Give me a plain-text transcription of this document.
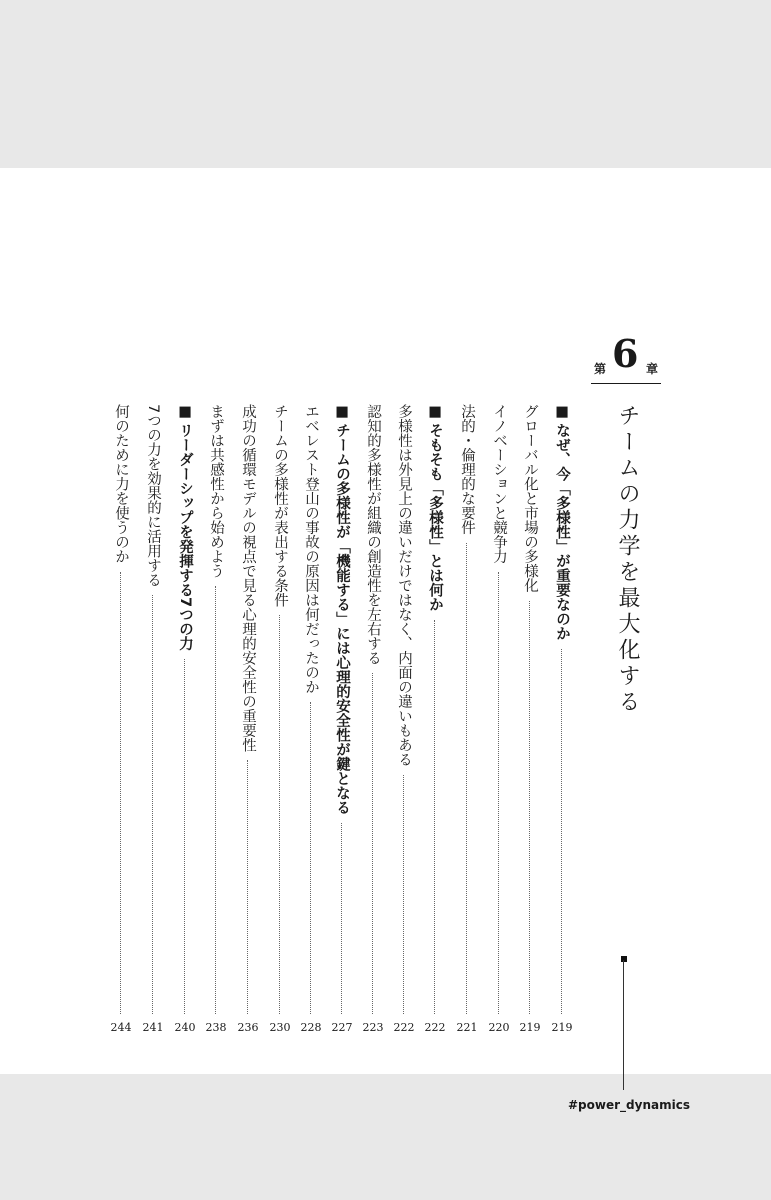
第 6 章
チームの力学を最大化する
■ なぜ、今「多様性」が重要なのか
グローバル化と市場の多様化
イノベーションと競争力
法的・倫理的な要件
■ そもそも「多様性」とは何か
多様性は外見上の違いだけではなく、内面の違いもある
認知的多様性が組織の創造性を左右する
■ チームの多様性が「機能する」には心理的安全性が鍵となる
エベレスト登山の事故の原因は何だったのか
チームの多様性が表出する条件
成功の循環モデルの視点で見る心理的安全性の重要性
まずは共感性から始めよう
■ リーダーシップを発揮する7つの力
7つの力を効果的に活用する
何のために力を使うのか
219
219
220
221
222
222
223
227
228
230
236
238
240
241
244
#power_dynamics
